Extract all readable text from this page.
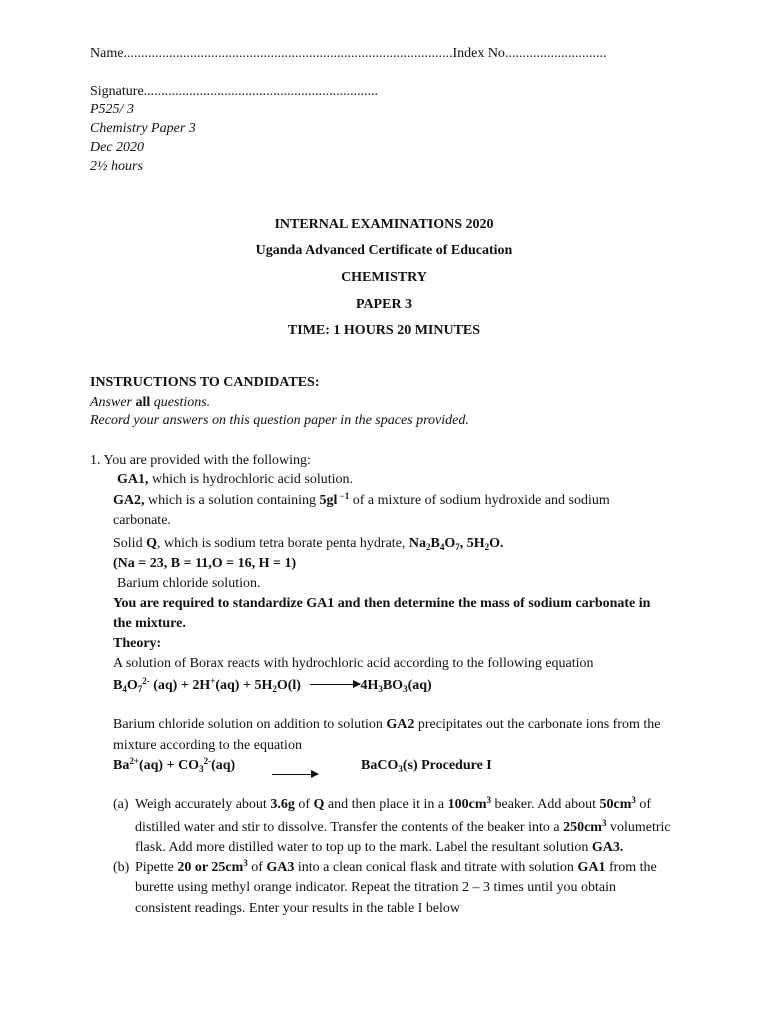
Name..............................................................................................Index No.............................
Signature...................................................................
P525/ 3
Chemistry Paper 3
Dec 2020
2½ hours
INTERNAL EXAMINATIONS 2020
Uganda Advanced Certificate of Education
CHEMISTRY
PAPER 3
TIME: 1 HOURS 20 MINUTES
INSTRUCTIONS TO CANDIDATES:
Answer all questions.
Record your answers on this question paper in the spaces provided.
1. You are provided with the following:
GA1, which is hydrochloric acid solution.
GA2, which is a solution containing 5gl $^{-1}$ of a mixture of sodium hydroxide and sodium
carbonate.
Solid Q, which is sodium tetra borate penta hydrate, $Na_2B_4O_7$, $5H_2O$.
(Na = 23, B = 11,O = 16, H = 1)
Barium chloride solution.
You are required to standardize GA1 and then determine the mass of sodium carbonate in
the mixture.
Theory:
A solution of Borax reacts with hydrochloric acid according to the following equation
$B_4O_7^{2-}$ $(aq) + 2H^+(aq) + 5H_2O(l) \to 4H_3BO_3(aq)$
Barium chloride solution on addition to solution GA2 precipitates out the carbonate ions from the
mixture according to the equation
$Ba^{2+}(aq) + CO_3^{2-}(aq)$	BaCO$_3$(s) Procedure I
(a) Weigh accurately about 3.6g of Q and then place it in a $100cm^3$ beaker. Add about $50cm^3$ of
distilled water and stir to dissolve. Transfer the contents of the beaker into a $250cm^3$ volumetric
flask. Add more distilled water to top up to the mark. Label the resultant solution GA3.
(b) Pipette 20 or $25cm^3$ of GA3 into a clean conical flask and titrate with solution GA1 from the
burette using methyl orange indicator. Repeat the titration 2 – 3 times until you obtain
consistent readings. Enter your results in the table I below
